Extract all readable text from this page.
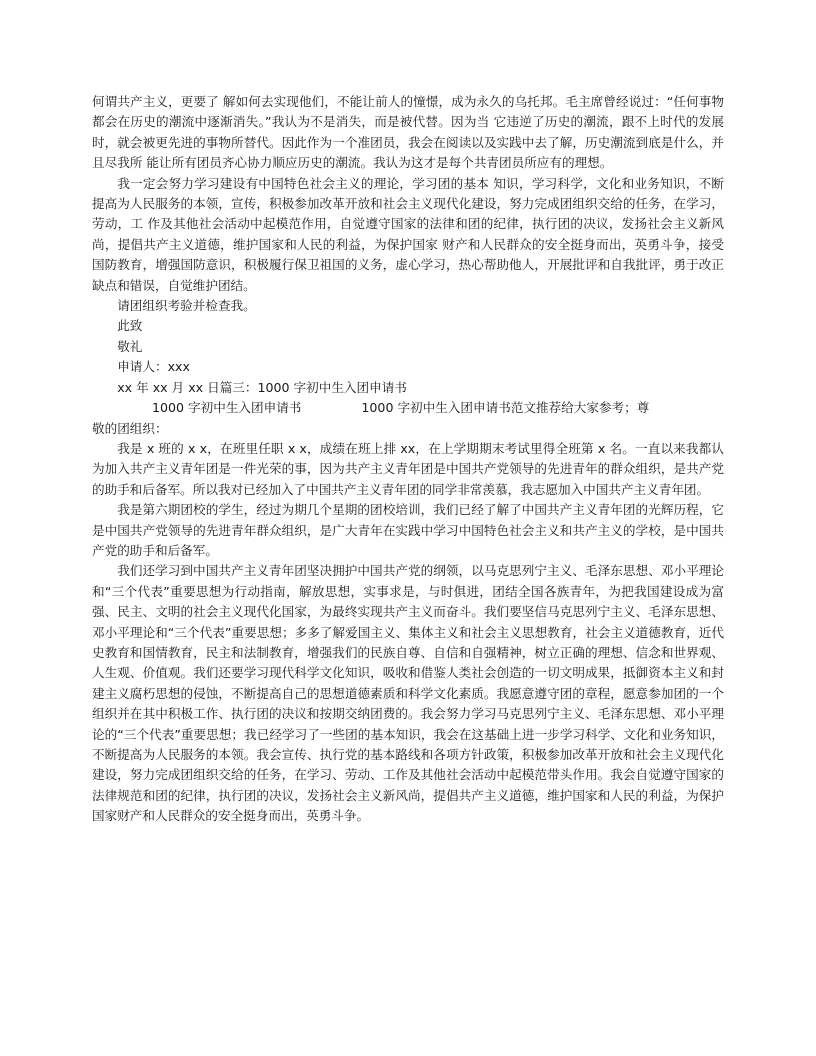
何谓共产主义，更要了 解如何去实现他们，不能让前人的憧憬，成为永久的乌托邦。毛主席曾经说过：“任何事物都会在历史的潮流中逐渐消失。”我认为不是消失，而是被代替。因为当 它违逆了历史的潮流，跟不上时代的发展时，就会被更先进的事物所替代。因此作为一个准团员，我会在阅读以及实践中去了解，历史潮流到底是什么，并且尽我所 能让所有团员齐心协力顺应历史的潮流。我认为这才是每个共青团员所应有的理想。

我一定会努力学习建设有中国特色社会主义的理论，学习团的基本 知识，学习科学，文化和业务知识，不断提高为人民服务的本领，宣传，积极参加改革开放和社会主义现代化建设，努力完成团组织交给的任务，在学习，劳动，工 作及其他社会活动中起模范作用，自觉遵守国家的法律和团的纪律，执行团的决议，发扬社会主义新风尚，提倡共产主义道德，维护国家和人民的利益，为保护国家 财产和人民群众的安全挺身而出，英勇斗争，接受国防教育，增强国防意识，积极履行保卫祖国的义务，虚心学习，热心帮助他人，开展批评和自我批评，勇于改正 缺点和错误，自觉维护团结。

请团组织考验并检查我。

此致

敬礼

申请人：xxx

xx 年 xx 月 xx 日篇三：1000 字初中生入团申请书

1000 字初中生入团申请书	1000 字初中生入团申请书范文推荐给大家参考；尊

敬的团组织：

我是 x 班的 x x，在班里任职 x x，成绩在班上排 xx，在上学期期末考试里得全班第 x 名。一直以来我都认为加入共产主义青年团是一件光荣的事，因为共产主义青年团是中国共产党领导的先进青年的群众组织，是共产党的助手和后备军。所以我对已经加入了中国共产主义青年团的同学非常羡慕，我志愿加入中国共产主义青年团。

我是第六期团校的学生，经过为期几个星期的团校培训，我们已经了解了中国共产主义青年团的光辉历程，它是中国共产党领导的先进青年群众组织，是广大青年在实践中学习中国特色社会主义和共产主义的学校，是中国共产党的助手和后备军。

我们还学习到中国共产主义青年团坚决拥护中国共产党的纲领，以马克思列宁主义、毛泽东思想、邓小平理论和“三个代表”重要思想为行动指南，解放思想，实事求是，与时俱进，团结全国各族青年，为把我国建设成为富强、民主、文明的社会主义现代化国家，为最终实现共产主义而奋斗。我们要坚信马克思列宁主义、毛泽东思想、邓小平理论和“三个代表”重要思想；多多了解爱国主义、集体主义和社会主义思想教育，社会主义道德教育，近代史教育和国情教育，民主和法制教育，增强我们的民族自尊、自信和自强精神，树立正确的理想、信念和世界观、人生观、价值观。我们还要学习现代科学文化知识，吸收和借鉴人类社会创造的一切文明成果，抵御资本主义和封建主义腐朽思想的侵蚀，不断提高自己的思想道德素质和科学文化素质。我愿意遵守团的章程，愿意参加团的一个组织并在其中积极工作、执行团的决议和按期交纳团费的。我会努力学习马克思列宁主义、毛泽东思想、邓小平理论的“三个代表”重要思想；我已经学习了一些团的基本知识，我会在这基础上进一步学习科学、文化和业务知识，不断提高为人民服务的本领。我会宣传、执行党的基本路线和各项方针政策，积极参加改革开放和社会主义现代化建设，努力完成团组织交给的任务，在学习、劳动、工作及其他社会活动中起模范带头作用。我会自觉遵守国家的法律规范和团的纪律，执行团的决议，发扬社会主义新风尚，提倡共产主义道德，维护国家和人民的利益，为保护国家财产和人民群众的安全挺身而出，英勇斗争。
